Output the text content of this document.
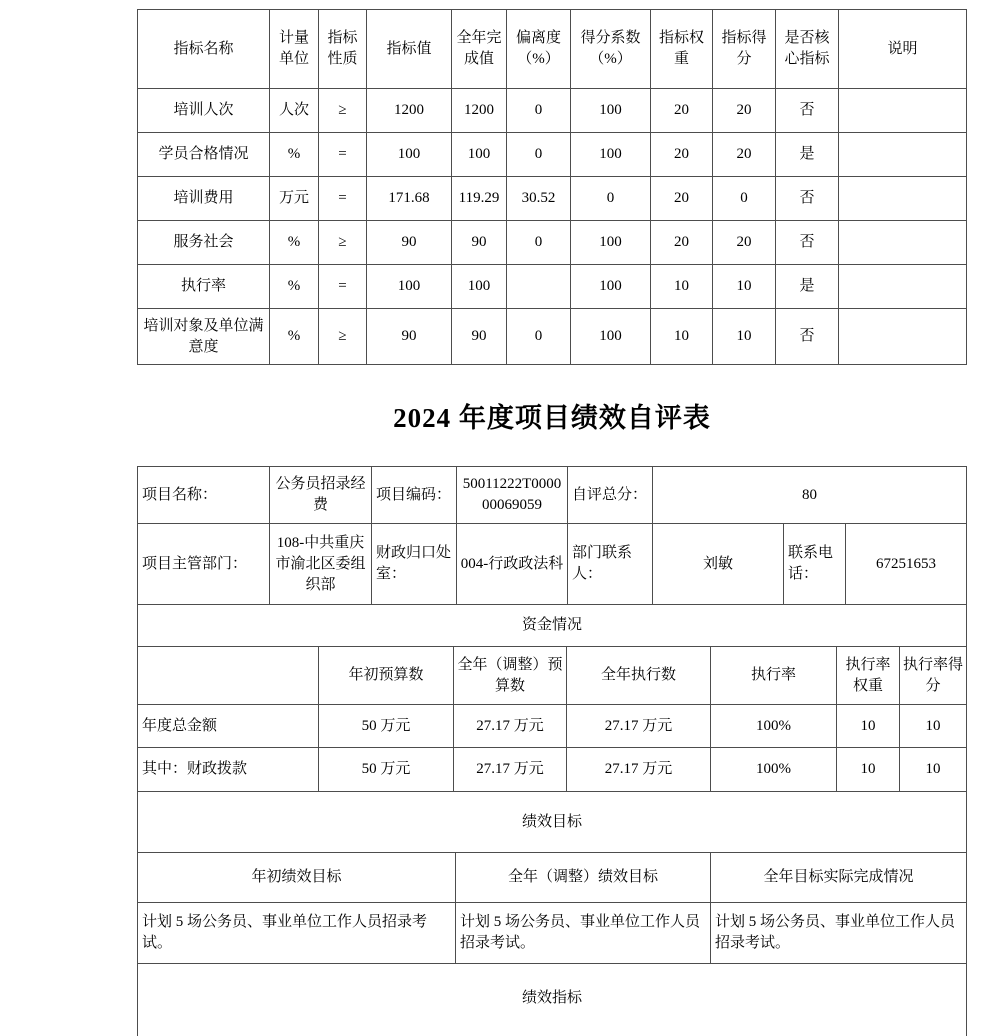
指标名称	计量单位	指标性质	指标值	全年完成值	偏离度（%）	得分系数（%）	指标权重	指标得分	是否核心指标	说明
培训人次	人次	≥	1200	1200	0	100	20	20	否	
学员合格情况	%	=	100	100	0	100	20	20	是	
培训费用	万元	=	171.68	119.29	30.52	0	20	0	否	
服务社会	%	≥	90	90	0	100	20	20	否	
执行率	%	=	100	100		100	10	10	是	
培训对象及单位满意度	%	≥	90	90	0	100	10	10	否	
2024 年度项目绩效自评表
项目名称：	公务员招录经费	项目编码：	50011222T000000069059	自评总分：	80		
项目主管部门：	108-中共重庆市渝北区委组织部	财政归口处室：	004-行政政法科	部门联系人：	刘敏	联系电话：	67251653
资金情况						
	年初预算数	全年（调整）预算数	全年执行数	执行率	执行率权重	执行率得分
年度总金额	50 万元	27.17 万元	27.17 万元	100%	10	10
其中：财政拨款	50 万元	27.17 万元	27.17 万元	100%	10	10
绩效目标		
年初绩效目标	全年（调整）绩效目标	全年目标实际完成情况
计划 5 场公务员、事业单位工作人员招录考试。	计划 5 场公务员、事业单位工作人员招录考试。	计划 5 场公务员、事业单位工作人员招录考试。
绩效指标		
